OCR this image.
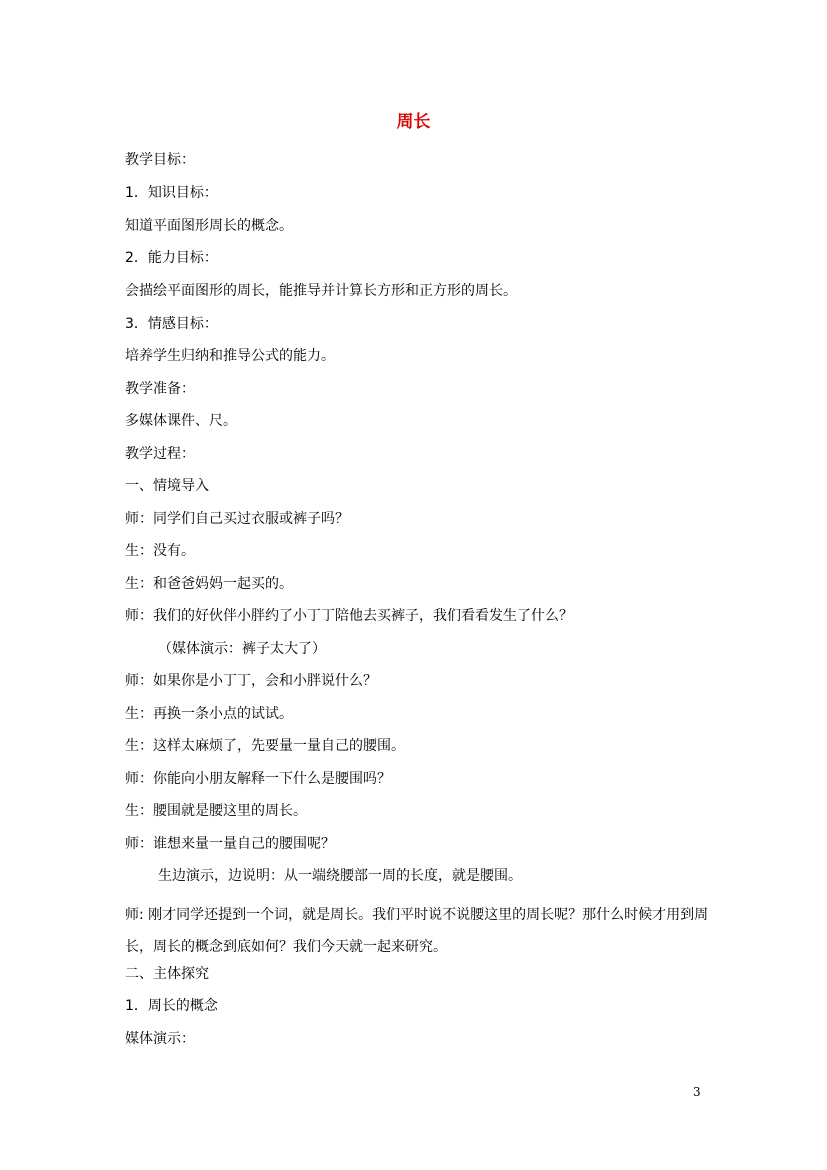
周长
教学目标：
1．知识目标：
知道平面图形周长的概念。
2．能力目标：
会描绘平面图形的周长，能推导并计算长方形和正方形的周长。
3．情感目标：
培养学生归纳和推导公式的能力。
教学准备：
多媒体课件、尺。
教学过程：
一、情境导入
师：同学们自己买过衣服或裤子吗？
生：没有。
生：和爸爸妈妈一起买的。
师：我们的好伙伴小胖约了小丁丁陪他去买裤子，我们看看发生了什么？
（媒体演示：裤子太大了）
师：如果你是小丁丁，会和小胖说什么？
生：再换一条小点的试试。
生：这样太麻烦了，先要量一量自己的腰围。
师：你能向小朋友解释一下什么是腰围吗？
生：腰围就是腰这里的周长。
师：谁想来量一量自己的腰围呢？
生边演示，边说明：从一端绕腰部一周的长度，就是腰围。
师: 刚才同学还提到一个词，就是周长。我们平时说不说腰这里的周长呢？那什么时候才用到周长，周长的概念到底如何？我们今天就一起来研究。
二、主体探究
1．周长的概念
媒体演示：
3
